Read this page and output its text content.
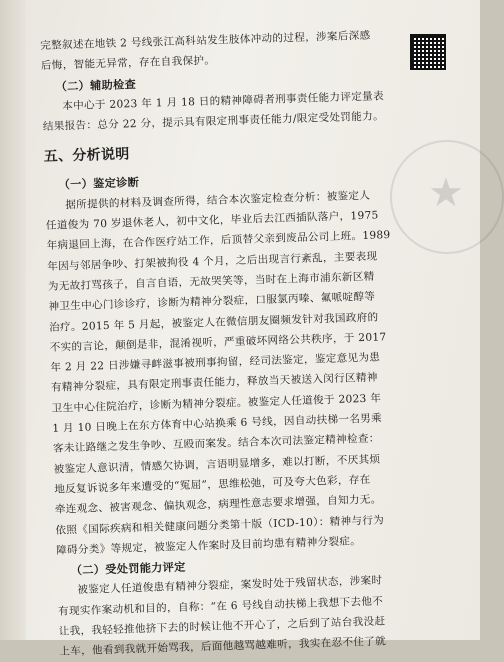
★
完整叙述在地铁 2 号线张江高科站发生肢体冲动的过程，涉案后深感
后悔，智能无异常，存在自我保护。
（二）辅助检查
本中心于 2023 年 1 月 18 日的精神障碍者刑事责任能力评定量表
结果报告：总分 22 分，提示具有限定刑事责任能力/限定受处罚能力。
五、分析说明
（一）鉴定诊断
据所提供的材料及调查所得，结合本次鉴定检查分析：被鉴定人
任道俊为 70 岁退休老人，初中文化，毕业后去江西插队落户，1975
年病退回上海，在合作医疗站工作，后顶替父亲到废品公司上班。1989
年因与邻居争吵、打架被拘役 4 个月，之后出现言行紊乱，主要表现
为无故打骂孩子，自言自语，无故哭笑等，当时在上海市浦东新区精
神卫生中心门诊诊疗，诊断为精神分裂症，口服氯丙嗪、氟哌啶醇等
治疗。2015 年 5 月起，被鉴定人在微信朋友圈频发针对我国政府的
不实的言论，颠倒是非，混淆视听，严重破坏网络公共秩序，于 2017
年 2 月 22 日涉嫌寻衅滋事被刑事拘留，经司法鉴定，鉴定意见为患
有精神分裂症，具有限定刑事责任能力，释放当天被送入闵行区精神
卫生中心住院治疗，诊断为精神分裂症。被鉴定人任道俊于 2023 年
1 月 10 日晚上在东方体育中心站换乘 6 号线，因自动扶梯一名男乘
客未让路继之发生争吵、互殴而案发。结合本次司法鉴定精神检查：
被鉴定人意识清，情感欠协调，言语明显增多，难以打断，不厌其烦
地反复诉说多年来遭受的“冤屈”，思维松弛，可及夸大色彩，存在
牵连观念、被害观念、偏执观念，病理性意志要求增强，自知力无。
依照《国际疾病和相关健康问题分类第十版（ICD-10）：精神与行为
障碍分类》等规定，被鉴定人作案时及目前均患有精神分裂症。
（二）受处罚能力评定
被鉴定人任道俊患有精神分裂症，案发时处于残留状态，涉案时
有现实作案动机和目的，自称：“在 6 号线自动扶梯上我想下去他不
让我，我轻轻推他挤下去的时候让他不开心了，之后到了站台我没赶
上车，他看到我就开始骂我，后面他越骂越难听，我实在忍不住了就
